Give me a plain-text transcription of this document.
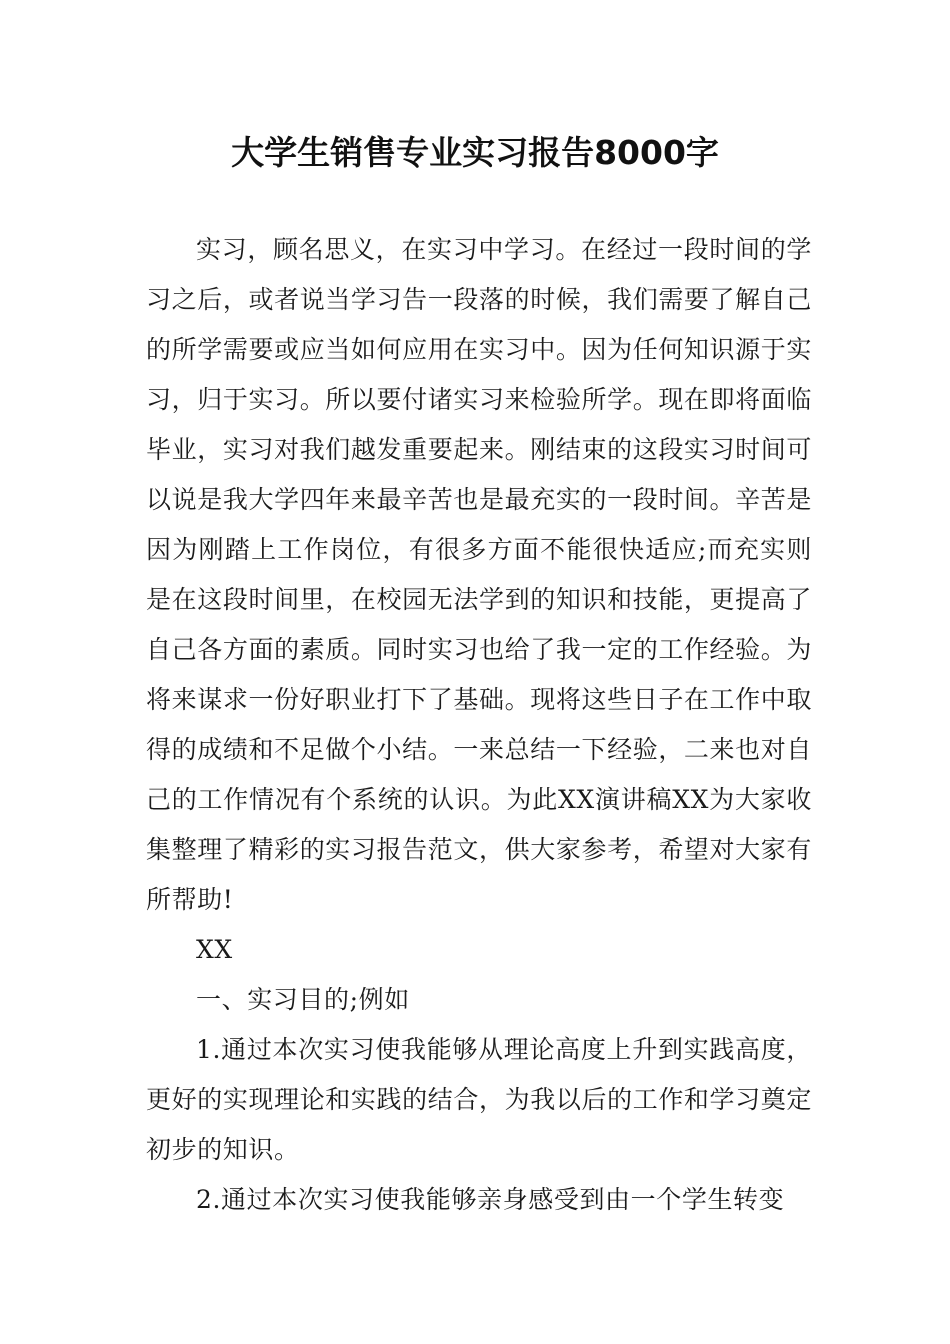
大学生销售专业实习报告8000字

实习，顾名思义，在实习中学习。在经过一段时间的学习之后，或者说当学习告一段落的时候，我们需要了解自己的所学需要或应当如何应用在实习中。因为任何知识源于实习，归于实习。所以要付诸实习来检验所学。现在即将面临毕业，实习对我们越发重要起来。刚结束的这段实习时间可以说是我大学四年来最辛苦也是最充实的一段时间。辛苦是因为刚踏上工作岗位，有很多方面不能很快适应;而充实则是在这段时间里，在校园无法学到的知识和技能，更提高了自己各方面的素质。同时实习也给了我一定的工作经验。为将来谋求一份好职业打下了基础。现将这些日子在工作中取得的成绩和不足做个小结。一来总结一下经验，二来也对自己的工作情况有个系统的认识。为此XX演讲稿XX为大家收集整理了精彩的实习报告范文，供大家参考，希望对大家有所帮助!

XX

一、实习目的;例如

1.通过本次实习使我能够从理论高度上升到实践高度，更好的实现理论和实践的结合，为我以后的工作和学习奠定初步的知识。

2.通过本次实习使我能够亲身感受到由一个学生转变
